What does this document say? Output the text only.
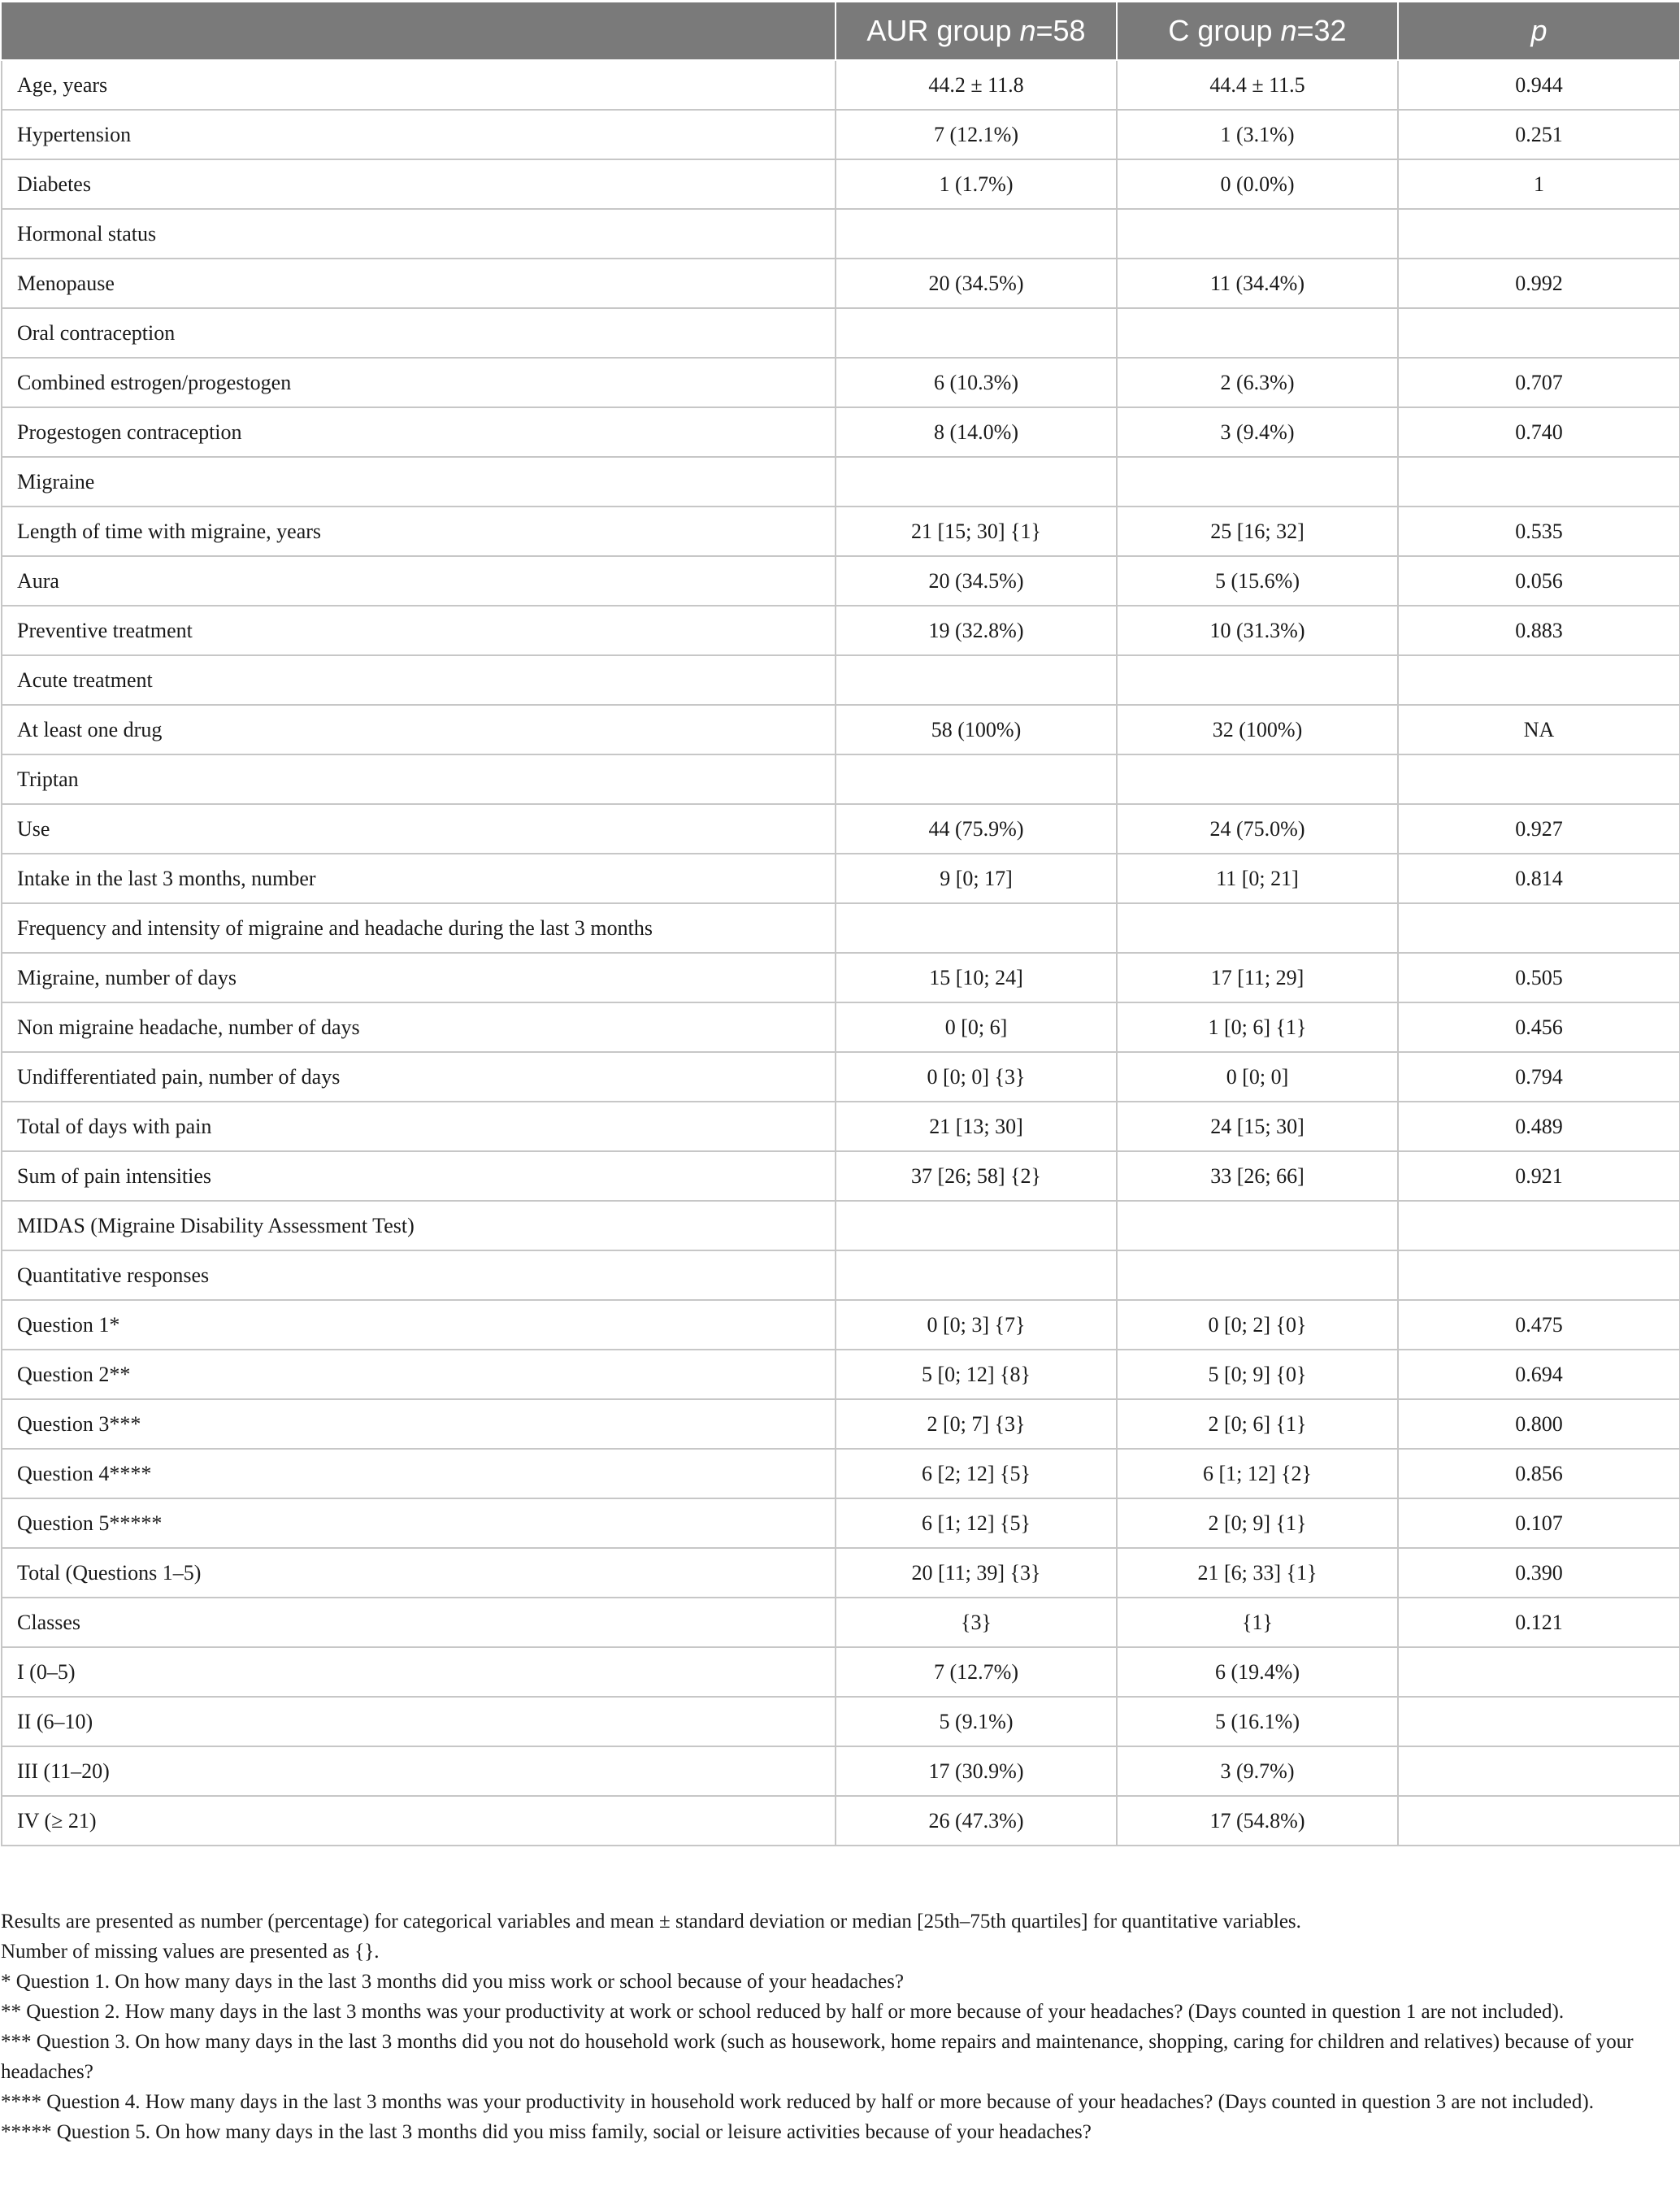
	AUR group n=58	C group n=32	p
Age, years	44.2 ± 11.8	44.4 ± 11.5	0.944
Hypertension	7 (12.1%)	1 (3.1%)	0.251
Diabetes	1 (1.7%)	0 (0.0%)	1
Hormonal status			
Menopause	20 (34.5%)	11 (34.4%)	0.992
Oral contraception			
Combined estrogen/progestogen	6 (10.3%)	2 (6.3%)	0.707
Progestogen contraception	8 (14.0%)	3 (9.4%)	0.740
Migraine			
Length of time with migraine, years	21 [15; 30] {1}	25 [16; 32]	0.535
Aura	20 (34.5%)	5 (15.6%)	0.056
Preventive treatment	19 (32.8%)	10 (31.3%)	0.883
Acute treatment			
At least one drug	58 (100%)	32 (100%)	NA
Triptan			
Use	44 (75.9%)	24 (75.0%)	0.927
Intake in the last 3 months, number	9 [0; 17]	11 [0; 21]	0.814
Frequency and intensity of migraine and headache during the last 3 months			
Migraine, number of days	15 [10; 24]	17 [11; 29]	0.505
Non migraine headache, number of days	0 [0; 6]	1 [0; 6] {1}	0.456
Undifferentiated pain, number of days	0 [0; 0] {3}	0 [0; 0]	0.794
Total of days with pain	21 [13; 30]	24 [15; 30]	0.489
Sum of pain intensities	37 [26; 58] {2}	33 [26; 66]	0.921
MIDAS (Migraine Disability Assessment Test)			
Quantitative responses			
Question 1*	0 [0; 3] {7}	0 [0; 2] {0}	0.475
Question 2**	5 [0; 12] {8}	5 [0; 9] {0}	0.694
Question 3***	2 [0; 7] {3}	2 [0; 6] {1}	0.800
Question 4****	6 [2; 12] {5}	6 [1; 12] {2}	0.856
Question 5*****	6 [1; 12] {5}	2 [0; 9] {1}	0.107
Total (Questions 1–5)	20 [11; 39] {3}	21 [6; 33] {1}	0.390
Classes	{3}	{1}	0.121
I (0–5)	7 (12.7%)	6 (19.4%)	
II (6–10)	5 (9.1%)	5 (16.1%)	
III (11–20)	17 (30.9%)	3 (9.7%)	
IV (≥ 21)	26 (47.3%)	17 (54.8%)	

Results are presented as number (percentage) for categorical variables and mean ± standard deviation or median [25th–75th quartiles] for quantitative variables.

Number of missing values are presented as {}.

* Question 1. On how many days in the last 3 months did you miss work or school because of your headaches?

** Question 2. How many days in the last 3 months was your productivity at work or school reduced by half or more because of your headaches? (Days counted in question 1 are not included).

*** Question 3. On how many days in the last 3 months did you not do household work (such as housework, home repairs and maintenance, shopping, caring for children and relatives) because of your headaches?

**** Question 4. How many days in the last 3 months was your productivity in household work reduced by half or more because of your headaches? (Days counted in question 3 are not included).

***** Question 5. On how many days in the last 3 months did you miss family, social or leisure activities because of your headaches?
